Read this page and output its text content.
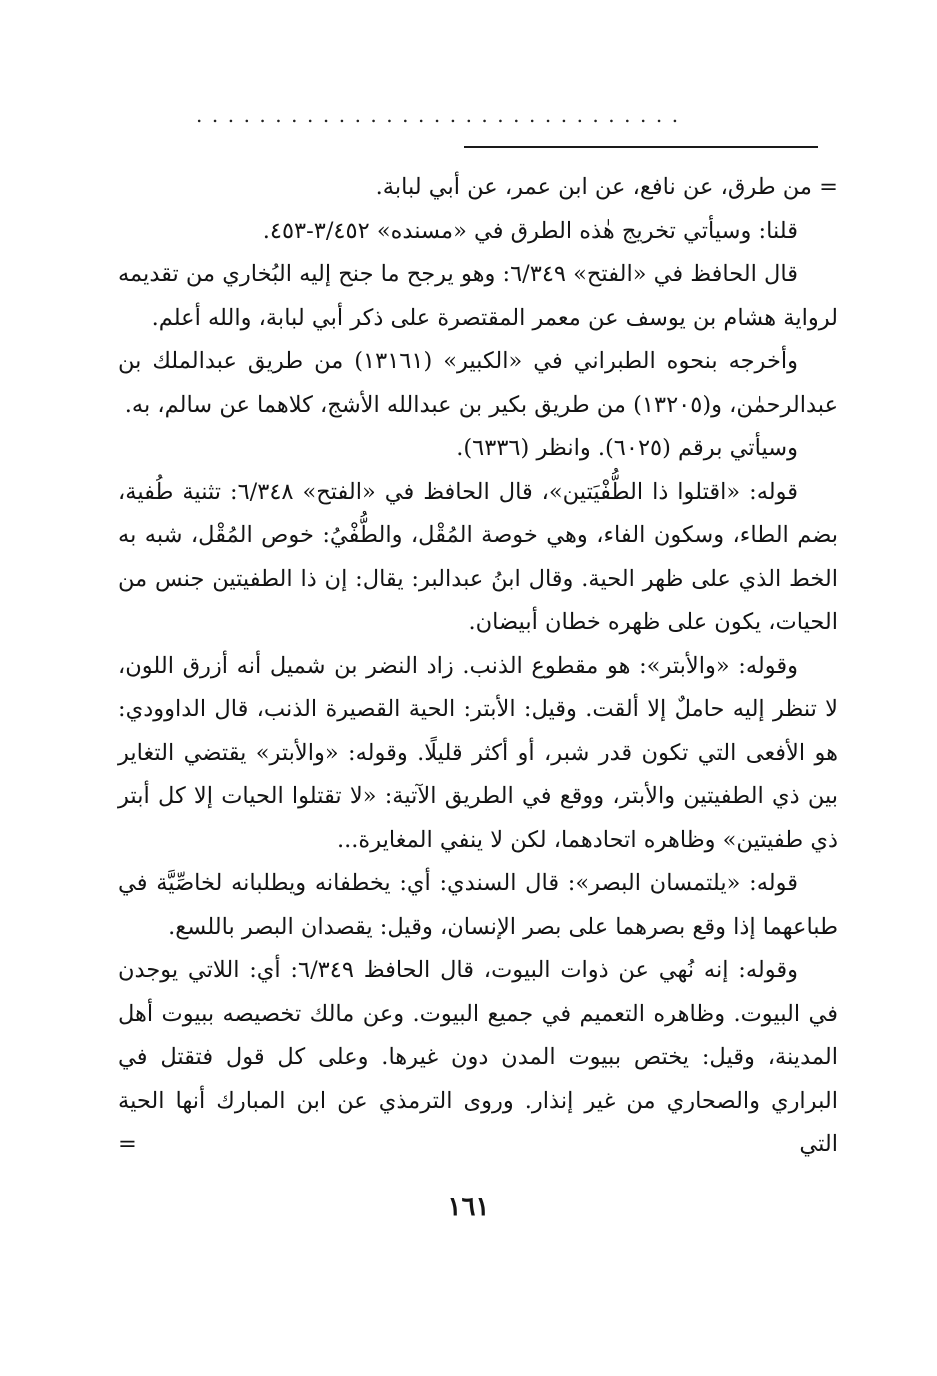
...............................

= من طرق، عن نافع، عن ابن عمر، عن أبي لبابة.

قلنا: وسيأتي تخريج هٰذه الطرق في «مسنده» ٣/٤٥٢-٤٥٣.

قال الحافظ في «الفتح» ٦/٣٤٩: وهو يرجح ما جنح إليه البُخاري من تقديمه لرواية هشام بن يوسف عن معمر المقتصرة على ذكر أبي لبابة، والله أعلم.

وأخرجه بنحوه الطبراني في «الكبير» (١٣١٦١) من طريق عبدالملك بن عبدالرحمٰن، و(١٣٢٠٥) من طريق بكير بن عبدالله الأشج، كلاهما عن سالم، به.

وسيأتي برقم (٦٠٢٥). وانظر (٦٣٣٦).

قوله: «اقتلوا ذا الطُّفْيَتين»، قال الحافظ في «الفتح» ٦/٣٤٨: تثنية طُفية، بضم الطاء، وسكون الفاء، وهي خوصة المُقْل، والطُّفْيُ: خوص المُقْل، شبه به الخط الذي على ظهر الحية. وقال ابنُ عبدالبر: يقال: إن ذا الطفيتين جنس من الحيات، يكون على ظهره خطان أبيضان.

وقوله: «والأبتر»: هو مقطوع الذنب. زاد النضر بن شميل أنه أزرق اللون، لا تنظر إليه حاملٌ إلا ألقت. وقيل: الأبتر: الحية القصيرة الذنب، قال الداوودي: هو الأفعى التي تكون قدر شبر، أو أكثر قليلًا. وقوله: «والأبتر» يقتضي التغاير بين ذي الطفيتين والأبتر، ووقع في الطريق الآتية: «لا تقتلوا الحيات إلا كل أبتر ذي طفيتين» وظاهره اتحادهما، لكن لا ينفي المغايرة...

قوله: «يلتمسان البصر»: قال السندي: أي: يخطفانه ويطلبانه لخاصِّيَّة في طباعهما إذا وقع بصرهما على بصر الإنسان، وقيل: يقصدان البصر باللسع.

وقوله: إنه نُهي عن ذوات البيوت، قال الحافظ ٦/٣٤٩: أي: اللاتي يوجدن في البيوت. وظاهره التعميم في جميع البيوت. وعن مالك تخصيصه ببيوت أهل المدينة، وقيل: يختص ببيوت المدن دون غيرها. وعلى كل قول فتقتل في البراري والصحاري من غير إنذار. وروى الترمذي عن ابن المبارك أنها الحية التي =

١٦١
